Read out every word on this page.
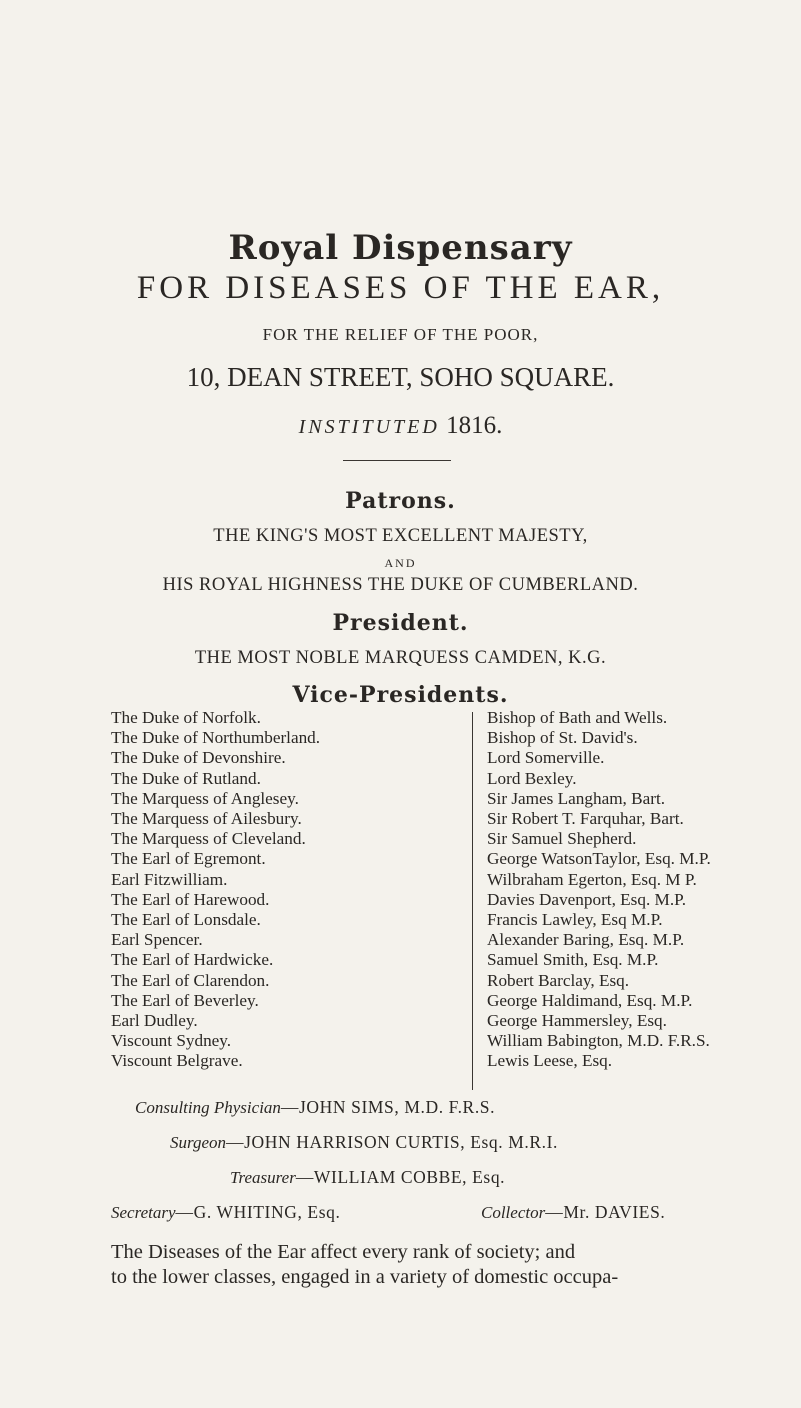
Royal Dispensary
FOR DISEASES OF THE EAR,
FOR THE RELIEF OF THE POOR,
10, DEAN STREET, SOHO SQUARE.
INSTITUTED 1816.
Patrons.
THE KING'S MOST EXCELLENT MAJESTY,
AND
HIS ROYAL HIGHNESS THE DUKE OF CUMBERLAND.
President.
THE MOST NOBLE MARQUESS CAMDEN, K.G.
Vice-Presidents.
The Duke of Norfolk.
The Duke of Northumberland.
The Duke of Devonshire.
The Duke of Rutland.
The Marquess of Anglesey.
The Marquess of Ailesbury.
The Marquess of Cleveland.
The Earl of Egremont.
Earl Fitzwilliam.
The Earl of Harewood.
The Earl of Lonsdale.
Earl Spencer.
The Earl of Hardwicke.
The Earl of Clarendon.
The Earl of Beverley.
Earl Dudley.
Viscount Sydney.
Viscount Belgrave.
Bishop of Bath and Wells.
Bishop of St. David's.
Lord Somerville.
Lord Bexley.
Sir James Langham, Bart.
Sir Robert T. Farquhar, Bart.
Sir Samuel Shepherd.
George WatsonTaylor, Esq. M.P.
Wilbraham Egerton, Esq. M P.
Davies Davenport, Esq. M.P.
Francis Lawley, Esq M.P.
Alexander Baring, Esq. M.P.
Samuel Smith, Esq. M.P.
Robert Barclay, Esq.
George Haldimand, Esq. M.P.
George Hammersley, Esq.
William Babington, M.D. F.R.S.
Lewis Leese, Esq.
Consulting Physician—JOHN SIMS, M.D. F.R.S.
Surgeon—JOHN HARRISON CURTIS, Esq. M.R.I.
Treasurer—WILLIAM COBBE, Esq.
Secretary—G. WHITING, Esq.	Collector—Mr. DAVIES.
The Diseases of the Ear affect every rank of society; and
to the lower classes, engaged in a variety of domestic occupa-
